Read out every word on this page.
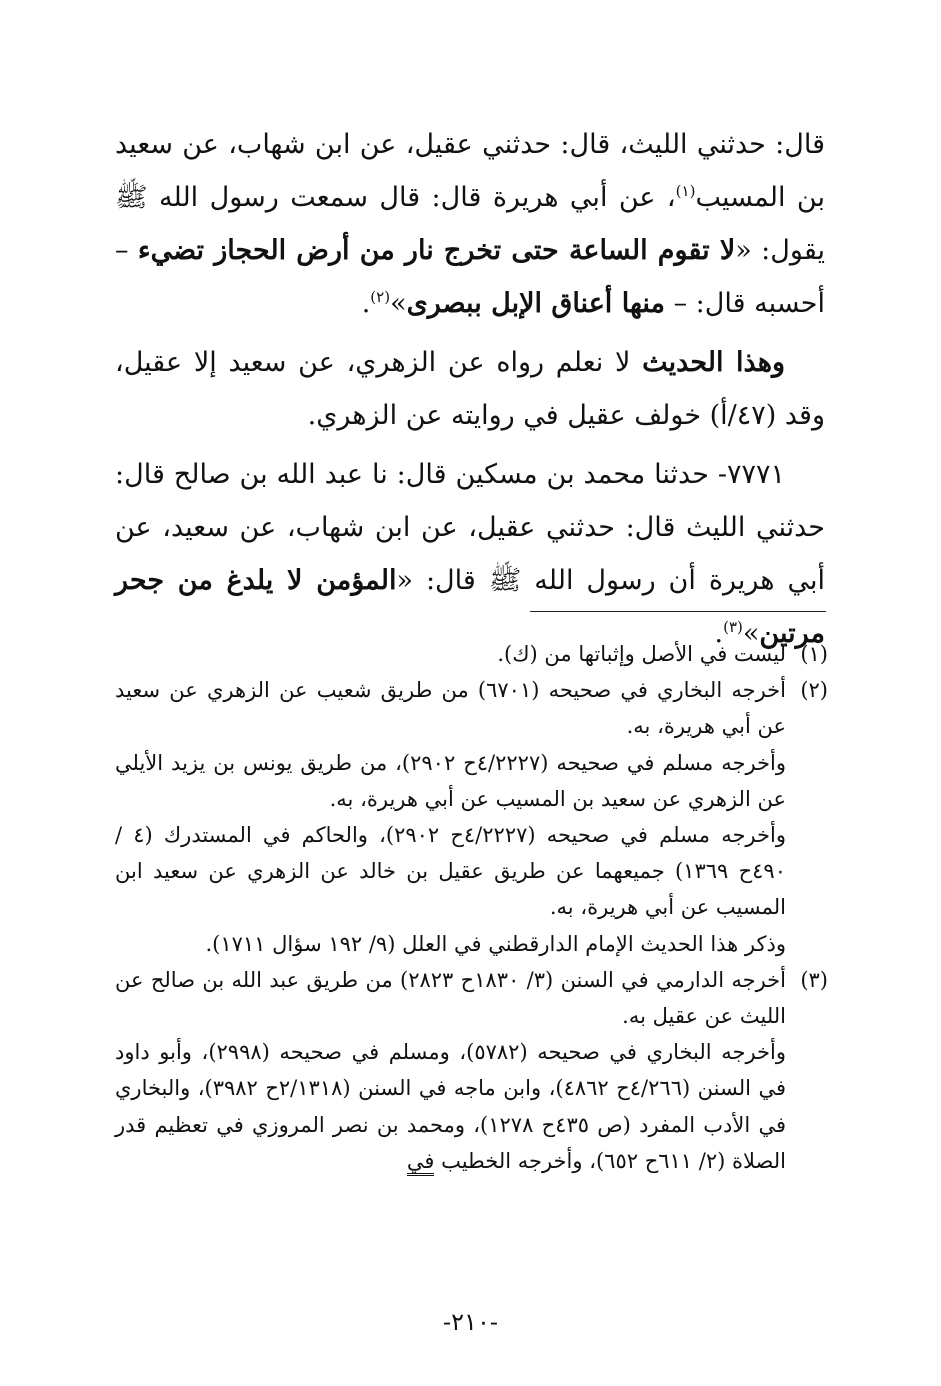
قال: حدثني الليث، قال: حدثني عقيل، عن ابن شهاب، عن سعيد بن المسيب$^{(١)}$، عن أبي هريرة قال: قال سمعت رسول الله ﷺ يقول: «لا تقوم الساعة حتى تخرج نار من أرض الحجاز تضيء – أحسبه قال: – منها أعناق الإبل ببصرى»$^{(٢)}$.

وهذا الحديث لا نعلم رواه عن الزهري، عن سعيد إلا عقيل، وقد (٤٧/أ) خولف عقيل في روايته عن الزهري.

٧٧٧١- حدثنا محمد بن مسكين قال: نا عبد الله بن صالح قال: حدثني الليث قال: حدثني عقيل، عن ابن شهاب، عن سعيد، عن أبي هريرة أن رسول الله ﷺ قال: «المؤمن لا يلدغ من جحر مرتين»$^{(٣)}$.

(١)
ليست في الأصل وإثباتها من (ك).
(٢)

أخرجه البخاري في صحيحه (٦٧٠١) من طريق شعيب عن الزهري عن سعيد عن أبي هريرة، به.

وأخرجه مسلم في صحيحه (٤/٢٢٢٧ح ٢٩٠٢)، من طريق يونس بن يزيد الأيلي عن الزهري عن سعيد بن المسيب عن أبي هريرة، به.

وأخرجه مسلم في صحيحه (٤/٢٢٢٧ح ٢٩٠٢)، والحاكم في المستدرك (٤ / ٤٩٠ح ١٣٦٩) جميعهما عن طريق عقيل بن خالد عن الزهري عن سعيد ابن المسيب عن أبي هريرة، به.

وذكر هذا الحديث الإمام الدارقطني في العلل (٩/ ١٩٢ سؤال ١٧١١).

(٣)

أخرجه الدارمي في السنن (٣/ ١٨٣٠ح ٢٨٢٣) من طريق عبد الله بن صالح عن الليث عن عقيل به.

وأخرجه البخاري في صحيحه (٥٧٨٢)، ومسلم في صحيحه (٢٩٩٨)، وأبو داود في السنن (٤/٢٦٦ح ٤٨٦٢)، وابن ماجه في السنن (٢/١٣١٨ح ٣٩٨٢)، والبخاري في الأدب المفرد (ص ٤٣٥ح ١٢٧٨)، ومحمد بن نصر المروزي في تعظيم قدر الصلاة (٢/ ٦١١ح ٦٥٢)، وأخرجه الخطيب في

-٢١٠-
